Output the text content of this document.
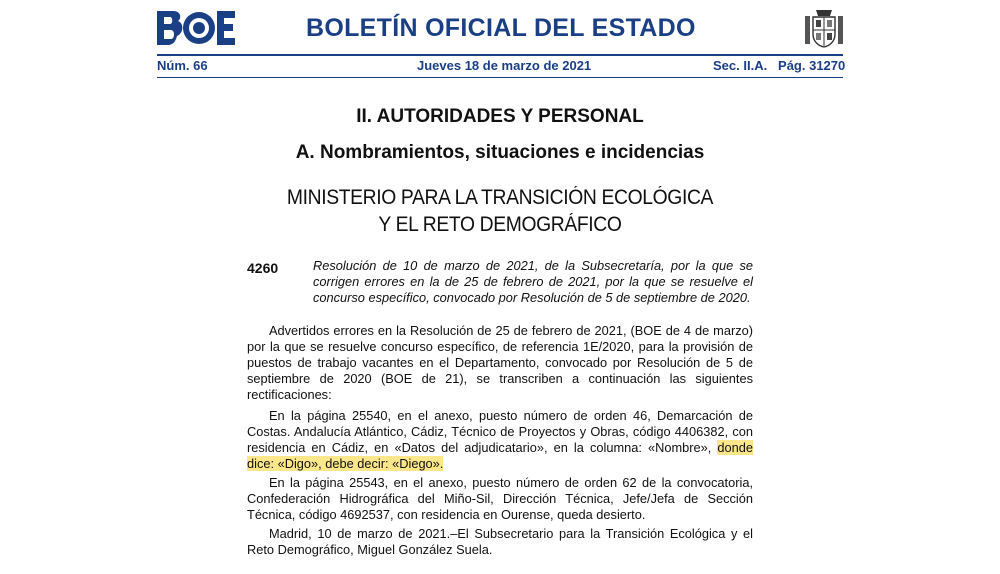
BOLETÍN OFICIAL DEL ESTADO
Núm. 66	Jueves 18 de marzo de 2021	Sec. II.A.   Pág. 31270
II. AUTORIDADES Y PERSONAL
A. Nombramientos, situaciones e incidencias
MINISTERIO PARA LA TRANSICIÓN ECOLÓGICA
Y EL RETO DEMOGRÁFICO
4260	Resolución de 10 de marzo de 2021, de la Subsecretaría, por la que se corrigen errores en la de 25 de febrero de 2021, por la que se resuelve el concurso específico, convocado por Resolución de 5 de septiembre de 2020.
Advertidos errores en la Resolución de 25 de febrero de 2021, (BOE de 4 de marzo) por la que se resuelve concurso específico, de referencia 1E/2020, para la provisión de puestos de trabajo vacantes en el Departamento, convocado por Resolución de 5 de septiembre de 2020 (BOE de 21), se transcriben a continuación las siguientes rectificaciones:
En la página 25540, en el anexo, puesto número de orden 46, Demarcación de Costas. Andalucía Atlántico, Cádiz, Técnico de Proyectos y Obras, código 4406382, con residencia en Cádiz, en «Datos del adjudicatario», en la columna: «Nombre», donde dice: «Digo», debe decir: «Diego».
En la página 25543, en el anexo, puesto número de orden 62 de la convocatoria, Confederación Hidrográfica del Miño-Sil, Dirección Técnica, Jefe/Jefa de Sección Técnica, código 4692537, con residencia en Ourense, queda desierto.
Madrid, 10 de marzo de 2021.–El Subsecretario para la Transición Ecológica y el Reto Demográfico, Miguel González Suela.
